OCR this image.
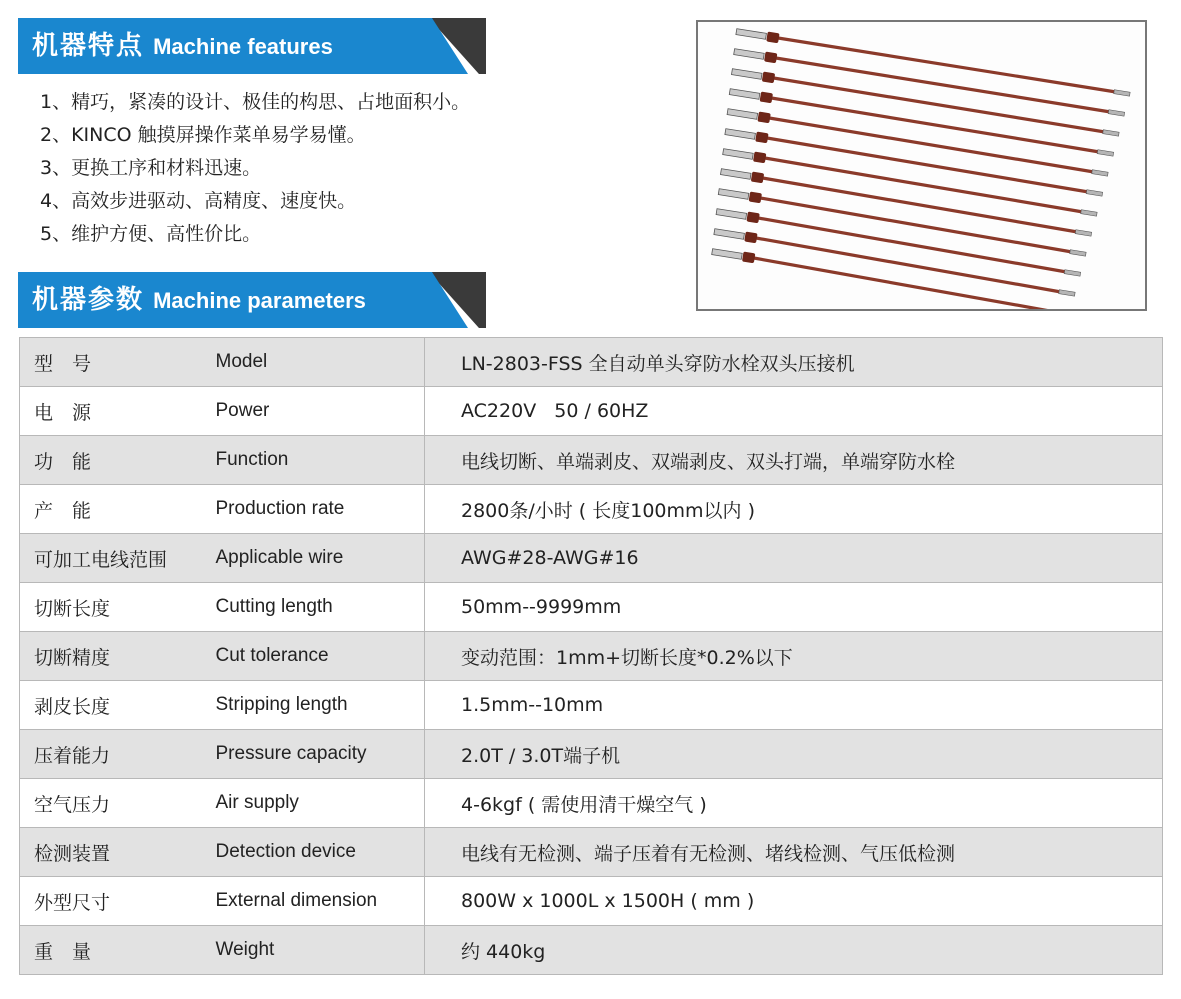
机器特点 Machine features
1、精巧，紧凑的设计、极佳的构思、占地面积小。
2、KINCO 触摸屏操作菜单易学易懂。
3、更换工序和材料迅速。
4、高效步进驱动、高精度、速度快。
5、维护方便、高性价比。
机器参数 Machine parameters
型　号	Model	LN-2803-FSS 全自动单头穿防水栓双头压接机
电　源	Power	AC220V   50 / 60HZ
功　能	Function	电线切断、单端剥皮、双端剥皮、双头打端，单端穿防水栓
产　能	Production rate	2800条/小时 ( 长度100mm以内 )
可加工电线范围	Applicable wire	AWG#28-AWG#16
切断长度	Cutting length	50mm--9999mm
切断精度	Cut tolerance	变动范围：1mm+切断长度*0.2%以下
剥皮长度	Stripping length	1.5mm--10mm
压着能力	Pressure capacity	2.0T / 3.0T端子机
空气压力	Air supply	4-6kgf ( 需使用清干燥空气 )
检测装置	Detection device	电线有无检测、端子压着有无检测、堵线检测、气压低检测
外型尺寸	External dimension	800W x 1000L x 1500H ( mm )
重　量	Weight	约 440kg
